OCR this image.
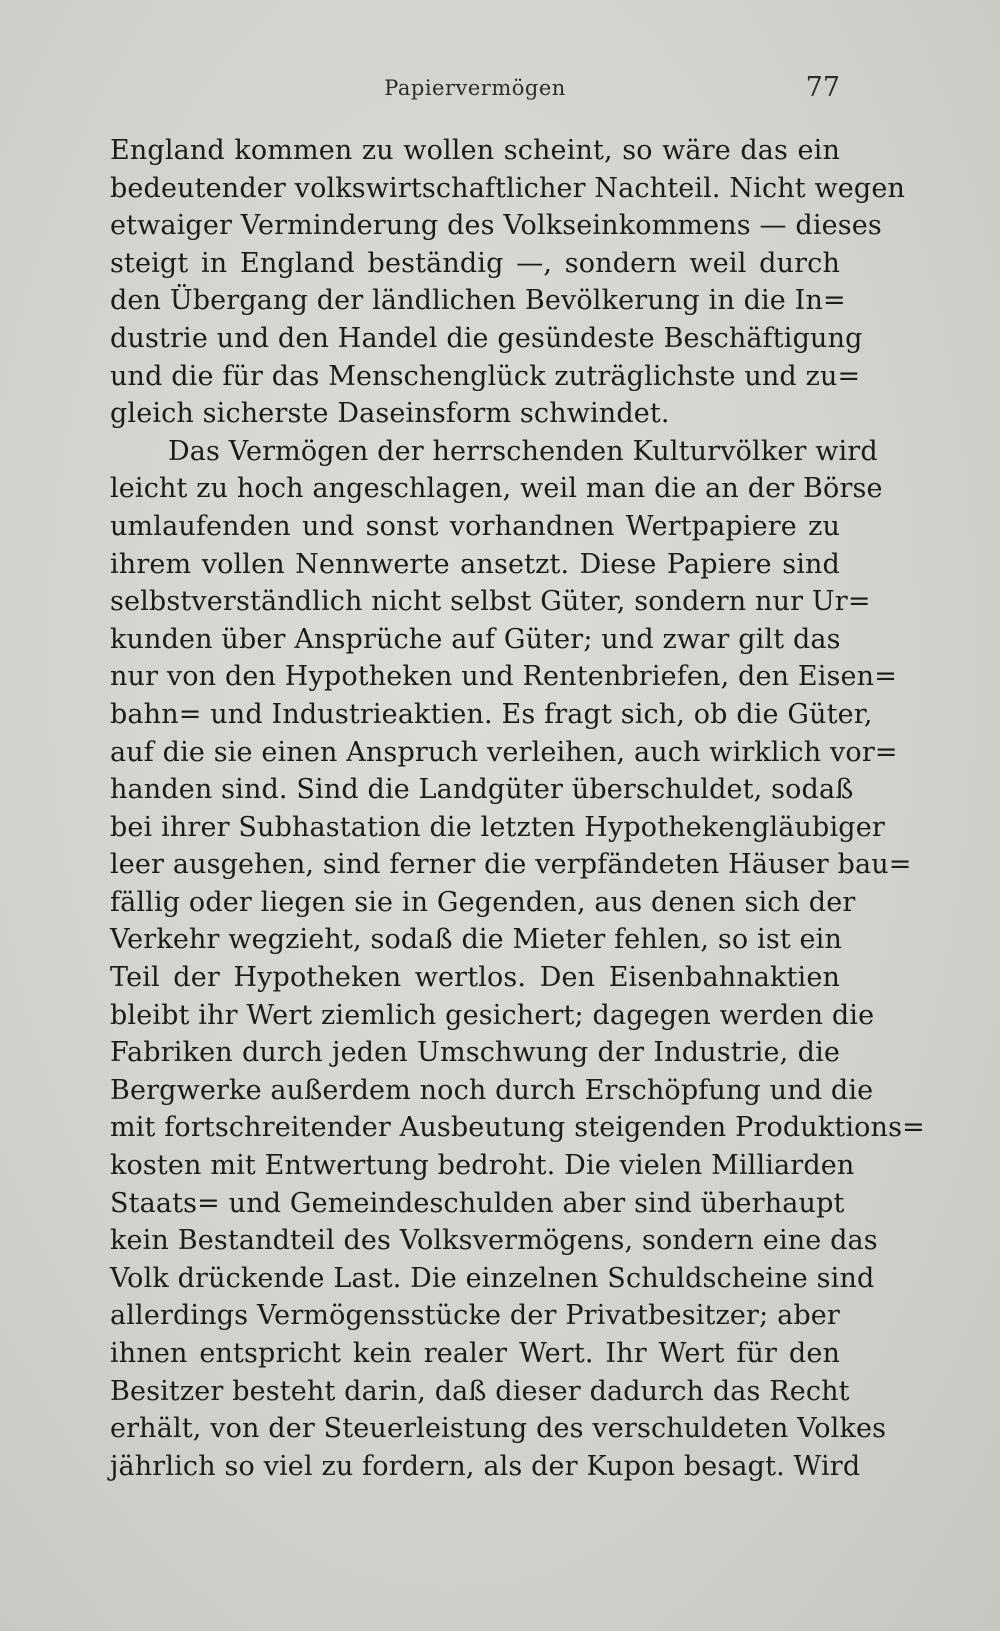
Papiervermögen	77
England kommen zu wollen scheint, so wäre das ein
bedeutender volkswirtschaftlicher Nachteil. Nicht wegen
etwaiger Verminderung des Volkseinkommens — dieses
steigt in England beständig —, sondern weil durch
den Übergang der ländlichen Bevölkerung in die In=
dustrie und den Handel die gesündeste Beschäftigung
und die für das Menschenglück zuträglichste und zu=
gleich sicherste Daseinsform schwindet.
Das Vermögen der herrschenden Kulturvölker wird
leicht zu hoch angeschlagen, weil man die an der Börse
umlaufenden und sonst vorhandnen Wertpapiere zu
ihrem vollen Nennwerte ansetzt. Diese Papiere sind
selbstverständlich nicht selbst Güter, sondern nur Ur=
kunden über Ansprüche auf Güter; und zwar gilt das
nur von den Hypotheken und Rentenbriefen, den Eisen=
bahn= und Industrieaktien. Es fragt sich, ob die Güter,
auf die sie einen Anspruch verleihen, auch wirklich vor=
handen sind. Sind die Landgüter überschuldet, sodaß
bei ihrer Subhastation die letzten Hypothekengläubiger
leer ausgehen, sind ferner die verpfändeten Häuser bau=
fällig oder liegen sie in Gegenden, aus denen sich der
Verkehr wegzieht, sodaß die Mieter fehlen, so ist ein
Teil der Hypotheken wertlos. Den Eisenbahnaktien
bleibt ihr Wert ziemlich gesichert; dagegen werden die
Fabriken durch jeden Umschwung der Industrie, die
Bergwerke außerdem noch durch Erschöpfung und die
mit fortschreitender Ausbeutung steigenden Produktions=
kosten mit Entwertung bedroht. Die vielen Milliarden
Staats= und Gemeindeschulden aber sind überhaupt
kein Bestandteil des Volksvermögens, sondern eine das
Volk drückende Last. Die einzelnen Schuldscheine sind
allerdings Vermögensstücke der Privatbesitzer; aber
ihnen entspricht kein realer Wert. Ihr Wert für den
Besitzer besteht darin, daß dieser dadurch das Recht
erhält, von der Steuerleistung des verschuldeten Volkes
jährlich so viel zu fordern, als der Kupon besagt. Wird
